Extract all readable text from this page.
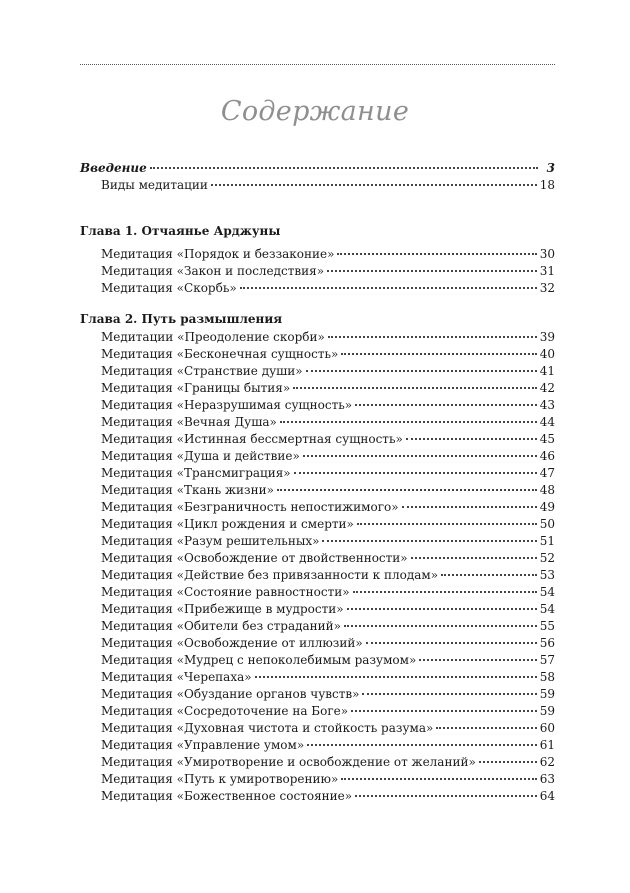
Содержание
Введение	3
Виды медитации	18
Глава 1. Отчаянье Арджуны
Медитация «Порядок и беззаконие»	30
Медитация «Закон и последствия»	31
Медитация «Скорбь»	32
Глава 2. Путь размышления
Медитации «Преодоление скорби»	39
Медитация «Бесконечная сущность»	40
Медитация «Странствие души»	41
Медитация «Границы бытия»	42
Медитация «Неразрушимая сущность»	43
Медитация «Вечная Душа»	44
Медитация «Истинная бессмертная сущность»	45
Медитация «Душа и действие»	46
Медитация «Трансмиграция»	47
Медитация «Ткань жизни»	48
Медитация «Безграничность непостижимого»	49
Медитация «Цикл рождения и смерти»	50
Медитация «Разум решительных»	51
Медитация «Освобождение от двойственности»	52
Медитация «Действие без привязанности к плодам»	53
Медитация «Состояние равностности»	54
Медитация «Прибежище в мудрости»	54
Медитация «Обители без страданий»	55
Медитация «Освобождение от иллюзий»	56
Медитация «Мудрец с непоколебимым разумом»	57
Медитация «Черепаха»	58
Медитация «Обуздание органов чувств»	59
Медитация «Сосредоточение на Боге»	59
Медитация «Духовная чистота и стойкость разума»	60
Медитация «Управление умом»	61
Медитация «Умиротворение и освобождение от желаний»	62
Медитация «Путь к умиротворению»	63
Медитация «Божественное состояние»	64
